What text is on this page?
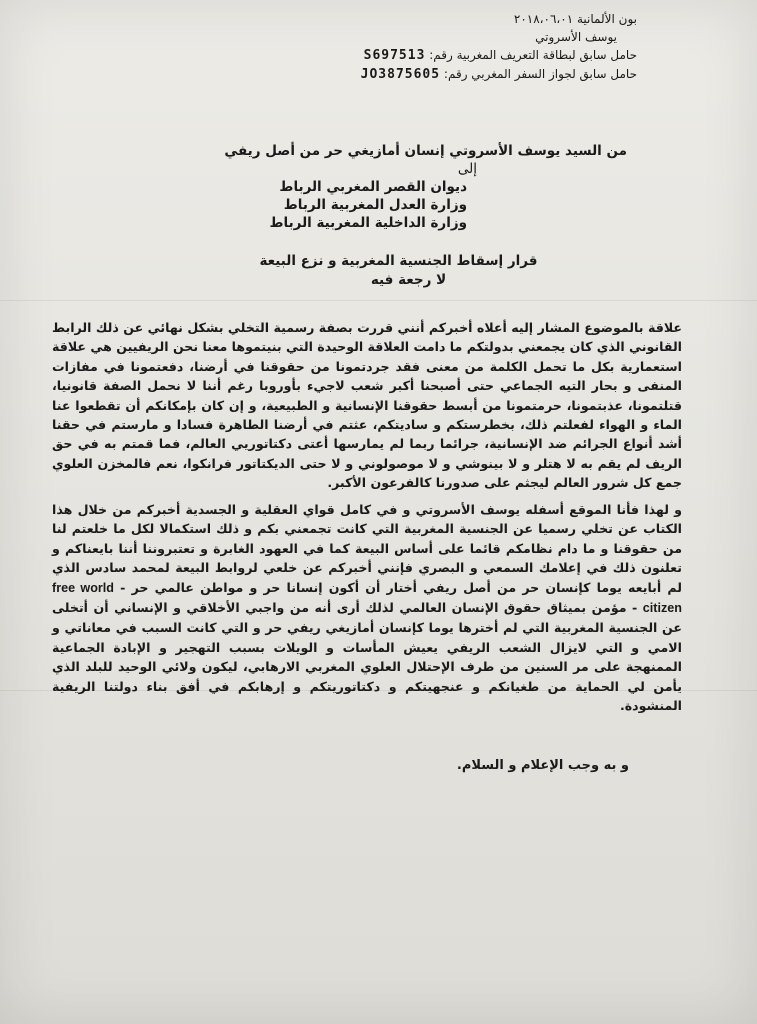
بون الألمانية ٢٠١٨،٠٦،٠١
يوسف الأسروتي
حامل سابق لبطاقة التعريف المغربية رقم: S697513
حامل سابق لجواز السفر المغربي رقم: JO3875605
من السيد يوسف الأسروتي إنسان أمازيغي حر من أصل ريفي
إلى
ديوان القصر المغربي الرباط
وزارة العدل المغربية الرباط
وزارة الداخلية المغربية الرباط
قرار إسقاط الجنسية المغربية و نزع البيعة
لا رجعة فيه
علاقة بالموضوع المشار إليه أعلاه أخبركم أنني قررت بصفة رسمية التخلي بشكل نهائي عن ذلك الرابط القانوني الذي كان يجمعني بدولتكم ما دامت العلاقة الوحيدة التي بنيتموها معنا نحن الريفيين هي علاقة استعمارية بكل ما تحمل الكلمة من معنى فقد جردتمونا من حقوقنا في أرضنا، دفعتمونا في مفازات المنفى و بحار التيه الجماعي حتى أصبحنا أكبر شعب لاجيء بأوروبا رغم أننا لا نحمل الصفة قانونيا، قتلتمونا، عذبتمونا، حرمتمونا من أبسط حقوقنا الإنسانية و الطبيعية، و إن كان بإمكانكم أن تقطعوا عنا الماء و الهواء لفعلتم ذلك، بخطرستكم و ساديتكم، عثتم في أرضنا الطاهرة فسادا و مارستم في حقنا أشد أنواع الجرائم ضد الإنسانية، جرائما ربما لم يمارسها أعتى دكتاتوريي العالم، فما قمتم به في حق الريف لم يقم به لا هتلر و لا بينوشي و لا موصولوني و لا حتى الديكتاتور فرانكوا، نعم فالمخزن العلوي جمع كل شرور العالم ليجثم على صدورنا كالفرعون الأكبر.
و لهذا فأنا الموقع أسفله يوسف الأسروتي و في كامل قواي العقلية و الجسدية أخبركم من خلال هذا الكتاب عن تخلي رسميا عن الجنسية المغربية التي كانت تجمعني بكم و ذلك استكمالا لكل ما خلعتم لنا من حقوقنا و ما دام نظامكم قائما على أساس البيعة كما في العهود الغابرة و تعتبروننا أننا بايعناكم و تعلنون ذلك في إعلامك السمعي و البصري فإنني أخبركم عن خلعي لروابط البيعة لمحمد سادس الذي لم أبايعه يوما كإنسان حر من أصل ريفي أختار أن أكون إنسانا حر و مواطن عالمي حر - free world citizen - مؤمن بميثاق حقوق الإنسان العالمي لذلك أرى أنه من واجبي الأخلاقي و الإنساني أن أتخلى عن الجنسية المغربية التي لم أخترها يوما كإنسان أمازيغي ريفي حر و التي كانت السبب في معاناتي و الامي و التي لايزال الشعب الريفي يعيش المأسات و الويلات بسبب التهجير و الإبادة الجماعية الممنهجة على مر السنين من طرف الإحتلال العلوي المغربي الارهابي، ليكون ولائي الوحيد للبلد الذي يأمن لي الحماية من طغيانكم و عنجهيتكم و دكتاتوريتكم و إرهابكم في أفق بناء دولتنا الريفية المنشودة.
و به وجب الإعلام و السلام.
